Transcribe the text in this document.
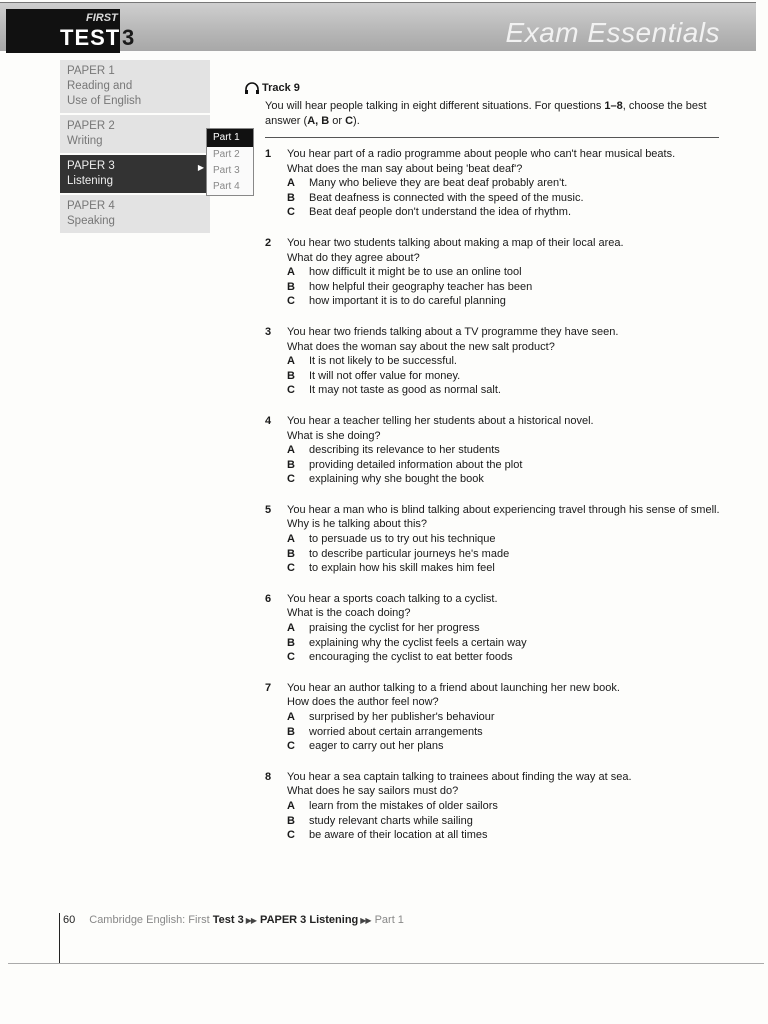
FIRST
TEST 3	Exam Essentials
PAPER 1Reading and Use of English
PAPER 2Writing
PAPER 3Listening
▶
PAPER 4Speaking
Part 1
Part 2
Part 3
Part 4
Track 9
You will hear people talking in eight different situations. For questions 1–8, choose the best answer (A, B or C).
1 You hear part of a radio programme about people who can't hear musical beats.
What does the man say about being 'beat deaf'?
A Many who believe they are beat deaf probably aren't.
B Beat deafness is connected with the speed of the music.
C Beat deaf people don't understand the idea of rhythm.
2 You hear two students talking about making a map of their local area.
What do they agree about?
A how difficult it might be to use an online tool
B how helpful their geography teacher has been
C how important it is to do careful planning
3 You hear two friends talking about a TV programme they have seen.
What does the woman say about the new salt product?
A It is not likely to be successful.
B It will not offer value for money.
C It may not taste as good as normal salt.
4 You hear a teacher telling her students about a historical novel.
What is she doing?
A describing its relevance to her students
B providing detailed information about the plot
C explaining why she bought the book
5 You hear a man who is blind talking about experiencing travel through his sense of smell.
Why is he talking about this?
A to persuade us to try out his technique
B to describe particular journeys he's made
C to explain how his skill makes him feel
6 You hear a sports coach talking to a cyclist.
What is the coach doing?
A praising the cyclist for her progress
B explaining why the cyclist feels a certain way
C encouraging the cyclist to eat better foods
7 You hear an author talking to a friend about launching her new book.
How does the author feel now?
A surprised by her publisher's behaviour
B worried about certain arrangements
C eager to carry out her plans
8 You hear a sea captain talking to trainees about finding the way at sea.
What does he say sailors must do?
A learn from the mistakes of older sailors
B study relevant charts while sailing
C be aware of their location at all times
60 Cambridge English: First Test 3 ▶▶ PAPER 3 Listening ▶▶ Part 1
